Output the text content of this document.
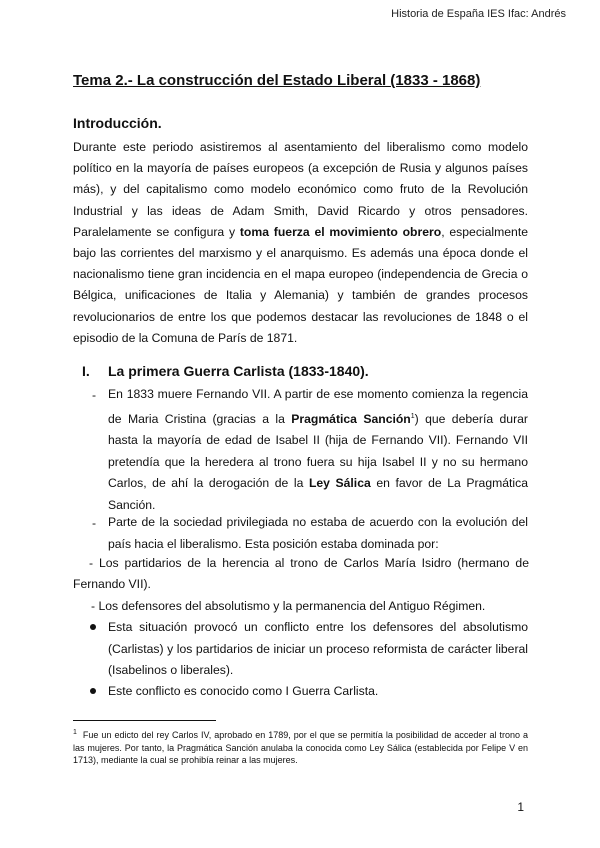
Historia de España IES Ifac: Andrés
Tema 2.- La construcción del Estado Liberal (1833 - 1868)
Introducción.
Durante este periodo asistiremos al asentamiento del liberalismo como modelo político en la mayoría de países europeos (a excepción de Rusia y algunos países más), y del capitalismo como modelo económico como fruto de la Revolución Industrial y las ideas de Adam Smith, David Ricardo y otros pensadores. Paralelamente se configura y toma fuerza el movimiento obrero, especialmente bajo las corrientes del marxismo y el anarquismo. Es además una época donde el nacionalismo tiene gran incidencia en el mapa europeo (independencia de Grecia o Bélgica, unificaciones de Italia y Alemania) y también de grandes procesos revolucionarios de entre los que podemos destacar las revoluciones de 1848 o el episodio de la Comuna de París de 1871.
I. La primera Guerra Carlista (1833-1840).
- En 1833 muere Fernando VII. A partir de ese momento comienza la regencia de Maria Cristina (gracias a la Pragmática Sanción$^1$) que debería durar hasta la mayoría de edad de Isabel II (hija de Fernando VII). Fernando VII pretendía que la heredera al trono fuera su hija Isabel II y no su hermano Carlos, de ahí la derogación de la Ley Sálica en favor de La Pragmática Sanción.
- Parte de la sociedad privilegiada no estaba de acuerdo con la evolución del país hacia el liberalismo. Esta posición estaba dominada por:
- Los partidarios de la herencia al trono de Carlos María Isidro (hermano de
Fernando VII).
- Los defensores del absolutismo y la permanencia del Antiguo Régimen.
Esta situación provocó un conflicto entre los defensores del absolutismo (Carlistas) y los partidarios de iniciar un proceso reformista de carácter liberal (Isabelinos o liberales).
Este conflicto es conocido como I Guerra Carlista.
$^1$ Fue un edicto del rey Carlos IV, aprobado en 1789, por el que se permitía la posibilidad de acceder al trono a las mujeres. Por tanto, la Pragmática Sanción anulaba la conocida como Ley Sálica (establecida por Felipe V en 1713), mediante la cual se prohibía reinar a las mujeres.
1
